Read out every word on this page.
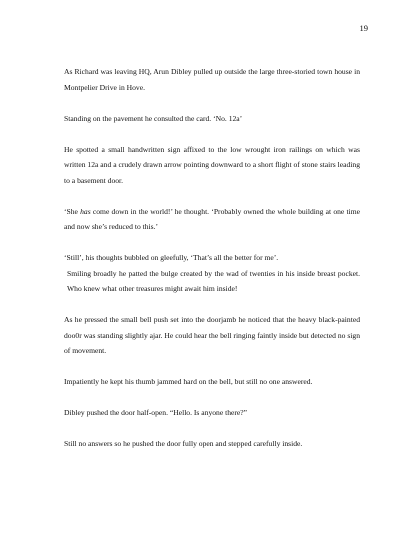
19

As Richard was leaving HQ, Arun Dibley pulled up outside the large three-storied town house in Montpelier Drive in Hove.

Standing on the pavement he consulted the card. ‘No. 12a’

He spotted a small handwritten sign affixed to the low wrought iron railings on which was written 12a and a crudely drawn arrow pointing downward to a short flight of stone stairs leading to a basement door.

‘She has come down in the world!’ he thought. ‘Probably owned the whole building at one time and now she’s reduced to this.’

‘Still’, his thoughts bubbled on gleefully, ‘That’s all the better for me’.

Smiling broadly he patted the bulge created by the wad of twenties in his inside breast pocket. Who knew what other treasures might await him inside!

As he pressed the small bell push set into the doorjamb he noticed that the heavy black-painted doo0r was standing slightly ajar. He could hear the bell ringing faintly inside but detected no sign of movement.

Impatiently he kept his thumb jammed hard on the bell, but still no one answered.

Dibley pushed the door half-open. “Hello. Is anyone there?”

Still no answers so he pushed the door fully open and stepped carefully inside.
